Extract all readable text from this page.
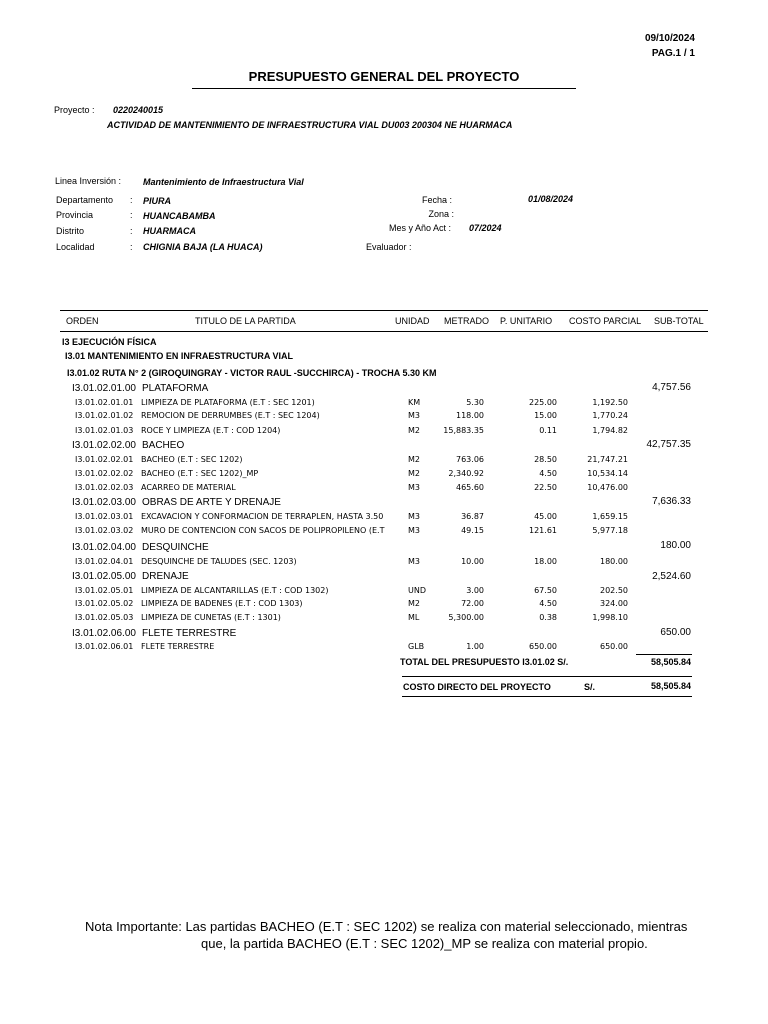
09/10/2024
PAG.1 / 1
PRESUPUESTO GENERAL DEL PROYECTO
Proyecto : 0220240015
ACTIVIDAD DE MANTENIMIENTO DE INFRAESTRUCTURA VIAL DU003 200304 NE HUARMACA
Linea Inversión : Mantenimiento de Infraestructura Vial
Departamento : PIURA
Provincia	: HUANCABAMBA
Distrito	: HUARMACA
Localidad	: CHIGNIA BAJA (LA HUACA)
Fecha :	01/08/2024
Zona :
Mes y Año Act : 07/2024
Evaluador :
ORDEN	TITULO DE LA PARTIDA	UNIDAD METRADO P. UNITARIO COSTO PARCIAL SUB-TOTAL
I3 EJECUCIÓN FÍSICA
I3.01 MANTENIMIENTO EN INFRAESTRUCTURA VIAL
I3.01.02 RUTA N° 2 (GIROQUINGRAY - VICTOR RAUL -SUCCHIRCA) - TROCHA 5.30 KM
I3.01.02.01.00 PLATAFORMA	4,757.56
I3.01.02.02.00 BACHEO	42,757.35
I3.01.02.03.00 OBRAS DE ARTE Y DRENAJE	7,636.33
I3.01.02.04.00 DESQUINCHE	180.00
I3.01.02.05.00 DRENAJE	2,524.60
I3.01.02.06.00 FLETE TERRESTRE	650.00
I3.01.02.01.01 LIMPIEZA DE PLATAFORMA (E.T : SEC 1201)	KM	5.30	225.00	1,192.50
I3.01.02.01.02 REMOCION DE DERRUMBES (E.T : SEC 1204)	M3	118.00	15.00	1,770.24
I3.01.02.01.03 ROCE Y LIMPIEZA (E.T : COD 1204)	M2	15,883.35	0.11	1,794.82
I3.01.02.02.01 BACHEO (E.T : SEC 1202)	M2	763.06	28.50	21,747.21
I3.01.02.02.02 BACHEO (E.T : SEC 1202)_MP	M2	2,340.92	4.50	10,534.14
I3.01.02.02.03 ACARREO DE MATERIAL	M3	465.60	22.50	10,476.00
I3.01.02.03.01 EXCAVACION Y CONFORMACION DE TERRAPLEN, HASTA 3.50	M3	36.87	45.00	1,659.15
I3.01.02.03.02 MURO DE CONTENCION CON SACOS DE POLIPROPILENO (E.T	M3	49.15	121.61	5,977.18
I3.01.02.04.01 DESQUINCHE DE TALUDES (SEC. 1203)	M3	10.00	18.00	180.00
I3.01.02.05.01 LIMPIEZA DE ALCANTARILLAS (E.T : COD 1302)	UND	3.00	67.50	202.50
I3.01.02.05.02 LIMPIEZA DE BADENES (E.T : COD 1303)	M2	72.00	4.50	324.00
I3.01.02.05.03 LIMPIEZA DE CUNETAS (E.T : 1301)	ML	5,300.00	0.38	1,998.10
I3.01.02.06.01 FLETE TERRESTRE	GLB	1.00	650.00	650.00
TOTAL DEL PRESUPUESTO I3.01.02 S/.	58,505.84
COSTO DIRECTO DEL PROYECTO	S/.	58,505.84
Nota Importante: Las partidas BACHEO (E.T : SEC 1202) se realiza con material seleccionado, mientras
que, la partida BACHEO (E.T : SEC 1202)_MP se realiza con material propio.
